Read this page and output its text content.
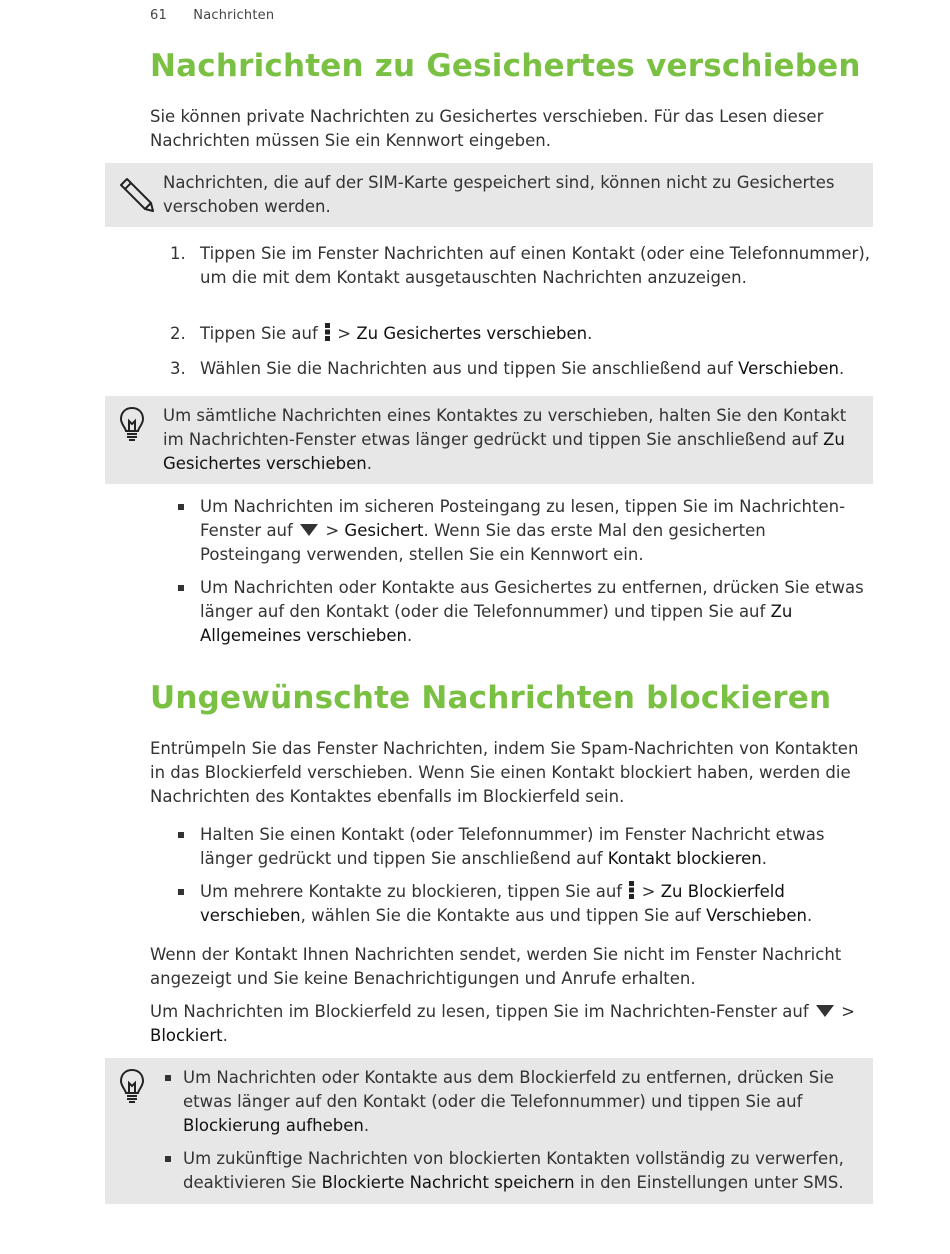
61 Nachrichten
Nachrichten zu Gesichertes verschieben

Sie können private Nachrichten zu Gesichertes verschieben. Für das Lesen dieser Nachrichten müssen Sie ein Kennwort eingeben.

Nachrichten, die auf der SIM-Karte gespeichert sind, können nicht zu Gesichertes verschoben werden.
1. Tippen Sie im Fenster Nachrichten auf einen Kontakt (oder eine Telefonnummer), um die mit dem Kontakt ausgetauschten Nachrichten anzuzeigen.
2. Tippen Sie auf  > Zu Gesichertes verschieben.
3. Wählen Sie die Nachrichten aus und tippen Sie anschließend auf Verschieben.
Um sämtliche Nachrichten eines Kontaktes zu verschieben, halten Sie den Kontakt im Nachrichten-Fenster etwas länger gedrückt und tippen Sie anschließend auf Zu Gesichertes verschieben.
Um Nachrichten im sicheren Posteingang zu lesen, tippen Sie im Nachrichten-Fenster auf  > Gesichert. Wenn Sie das erste Mal den gesicherten Posteingang verwenden, stellen Sie ein Kennwort ein.
Um Nachrichten oder Kontakte aus Gesichertes zu entfernen, drücken Sie etwas länger auf den Kontakt (oder die Telefonnummer) und tippen Sie auf Zu Allgemeines verschieben.
Ungewünschte Nachrichten blockieren

Entrümpeln Sie das Fenster Nachrichten, indem Sie Spam-Nachrichten von Kontakten in das Blockierfeld verschieben. Wenn Sie einen Kontakt blockiert haben, werden die Nachrichten des Kontaktes ebenfalls im Blockierfeld sein.

Halten Sie einen Kontakt (oder Telefonnummer) im Fenster Nachricht etwas länger gedrückt und tippen Sie anschließend auf Kontakt blockieren.
Um mehrere Kontakte zu blockieren, tippen Sie auf  > Zu Blockierfeld verschieben, wählen Sie die Kontakte aus und tippen Sie auf Verschieben.

Wenn der Kontakt Ihnen Nachrichten sendet, werden Sie nicht im Fenster Nachricht angezeigt und Sie keine Benachrichtigungen und Anrufe erhalten.

Um Nachrichten im Blockierfeld zu lesen, tippen Sie im Nachrichten-Fenster auf  > Blockiert.

Um Nachrichten oder Kontakte aus dem Blockierfeld zu entfernen, drücken Sie etwas länger auf den Kontakt (oder die Telefonnummer) und tippen Sie auf Blockierung aufheben.
Um zukünftige Nachrichten von blockierten Kontakten vollständig zu verwerfen, deaktivieren Sie Blockierte Nachricht speichern in den Einstellungen unter SMS.
